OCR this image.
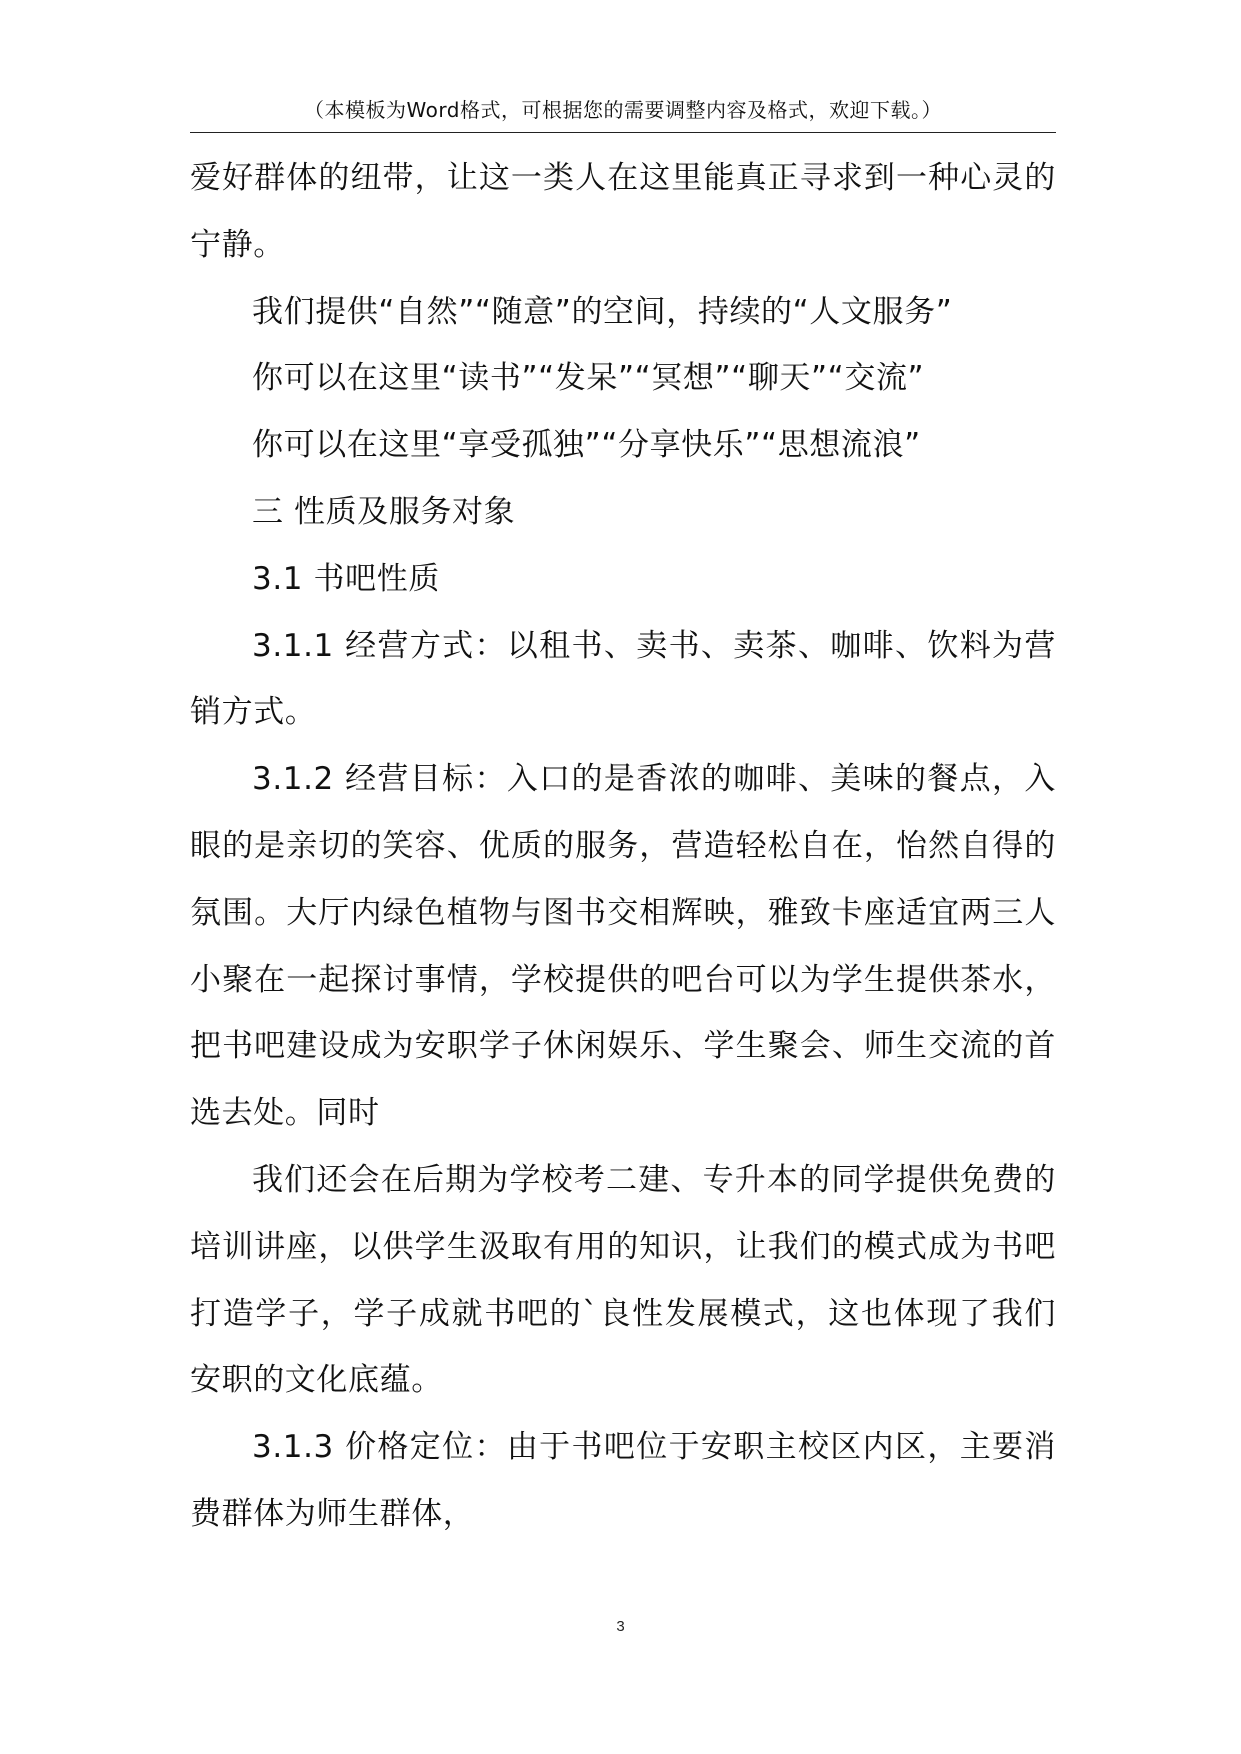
（本模板为Word格式，可根据您的需要调整内容及格式，欢迎下载。）

爱好群体的纽带，让这一类人在这里能真正寻求到一种心灵的宁静。

我们提供“自然”“随意”的空间，持续的“人文服务”

你可以在这里“读书”“发呆”“冥想”“聊天”“交流”

你可以在这里“享受孤独”“分享快乐”“思想流浪”

三 性质及服务对象

3.1 书吧性质

3.1.1 经营方式：以租书、卖书、卖茶、咖啡、饮料为营销方式。

3.1.2 经营目标：入口的是香浓的咖啡、美味的餐点，入眼的是亲切的笑容、优质的服务，营造轻松自在，怡然自得的氛围。大厅内绿色植物与图书交相辉映，雅致卡座适宜两三人小聚在一起探讨事情，学校提供的吧台可以为学生提供茶水，把书吧建设成为安职学子休闲娱乐、学生聚会、师生交流的首选去处。同时

我们还会在后期为学校考二建、专升本的同学提供免费的培训讲座，以供学生汲取有用的知识，让我们的模式成为书吧打造学子，学子成就书吧的`良性发展模式，这也体现了我们安职的文化底蕴。

3.1.3 价格定位：由于书吧位于安职主校区内区，主要消费群体为师生群体，

3
